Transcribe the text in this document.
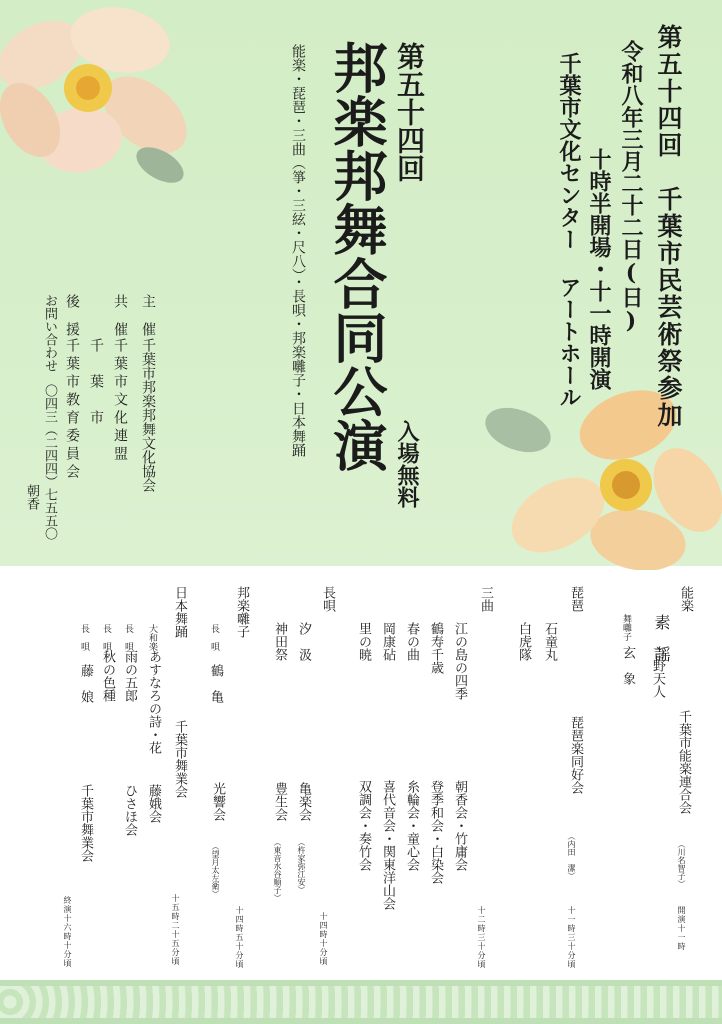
第五十四回　千葉市民芸術祭参加
令和八年三月二十二日(日)
十時半開場・十一時開演
千葉市文化センター アートホール
第五十四回
邦楽邦舞合同公演 入場無料
能楽・琵琶・三曲（箏・三絃・尺八）・長唄・邦楽囃子・日本舞踊
主　催
千葉市邦楽邦舞文化協会
共　催
千葉市文化連盟
千　葉　市
後　援
千葉市教育委員会
お問い合わせ
〇四三（二四四）七五五〇
朝香
能楽
素　謡
吉野天人
舞囃子
玄　象
千葉市能楽連合会
（川名智子）
開演十一時
琵琶
石童丸
白虎隊
琵琶楽同好会
（内田　潔）
十一時三十分頃
三曲
江の島の四季
鶴寿千歳
春の曲
岡康砧
里の暁
朝香会・竹庸会
登季和会・白染会
糸輪会・童心会
喜代音会・関東洋山会
双調会・奏竹会
十二時三十分頃
長唄
汐　汲
神田祭
亀楽会
豊生会
（杵家弥江安）
（東音水谷順子）
十四時十分頃
邦楽囃子
長　唄
鶴　亀
光響会
（望月太左衛）
十四時五十分頃
日本舞踊
大和楽
あすなろの詩・花
長　唄
雨の五郎
長　唄
秋の色種
長　唄
藤　娘
千葉市舞業会
藤娥会
ひさほ会
千葉市舞業会
十五時二十五分頃
終演十六時十分頃
